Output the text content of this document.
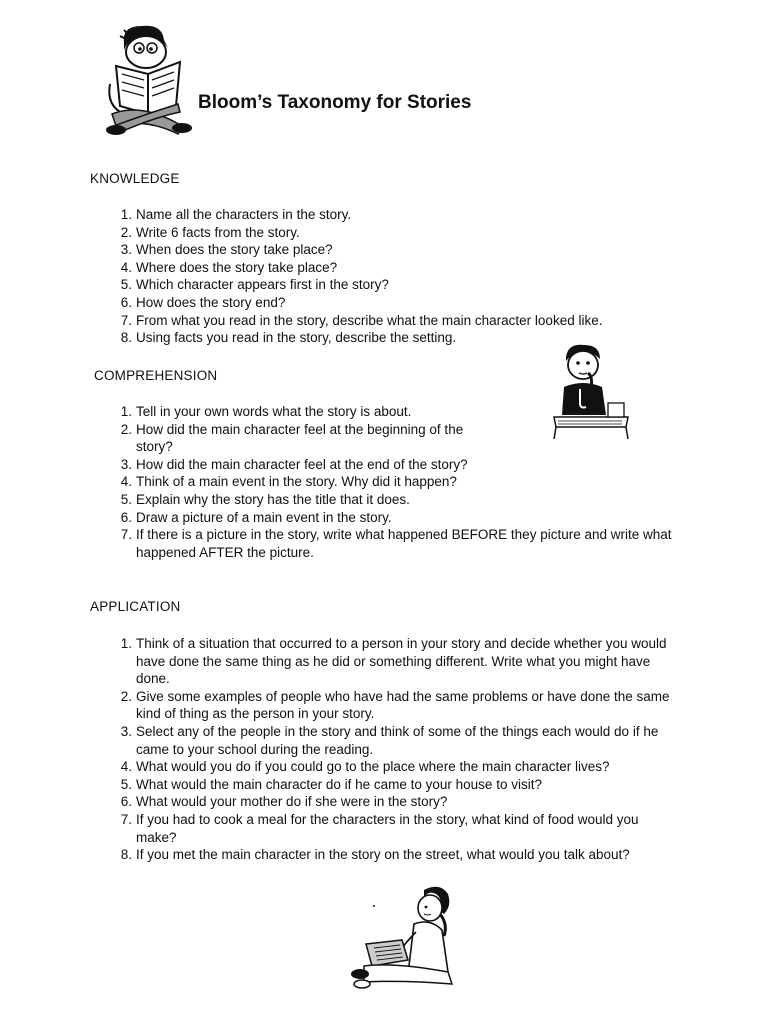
Bloom’s Taxonomy for Stories
KNOWLEDGE
1. Name all the characters in the story.
2. Write 6 facts from the story.
3. When does the story take place?
4. Where does the story take place?
5. Which character appears first in the story?
6. How does the story end?
7. From what you read in the story, describe what the main character looked like.
8. Using facts you read in the story, describe the setting.
COMPREHENSION
1. Tell in your own words what the story is about.
2. How did the main character feel at the beginning of the story?
3. How did the main character feel at the end of the story?
4. Think of a main event in the story. Why did it happen?
5. Explain why the story has the title that it does.
6. Draw a picture of a main event in the story.
7. If there is a picture in the story, write what happened BEFORE they picture and write what happened AFTER the picture.
APPLICATION
1. Think of a situation that occurred to a person in your story and decide whether you would have done the same thing as he did or something different. Write what you might have done.
2. Give some examples of people who have had the same problems or have done the same kind of thing as the person in your story.
3. Select any of the people in the story and think of some of the things each would do if he came to your school during the reading.
4. What would you do if you could go to the place where the main character lives?
5. What would the main character do if he came to your house to visit?
6. What would your mother do if she were in the story?
7. If you had to cook a meal for the characters in the story, what kind of food would you make?
8. If you met the main character in the story on the street, what would you talk about?
